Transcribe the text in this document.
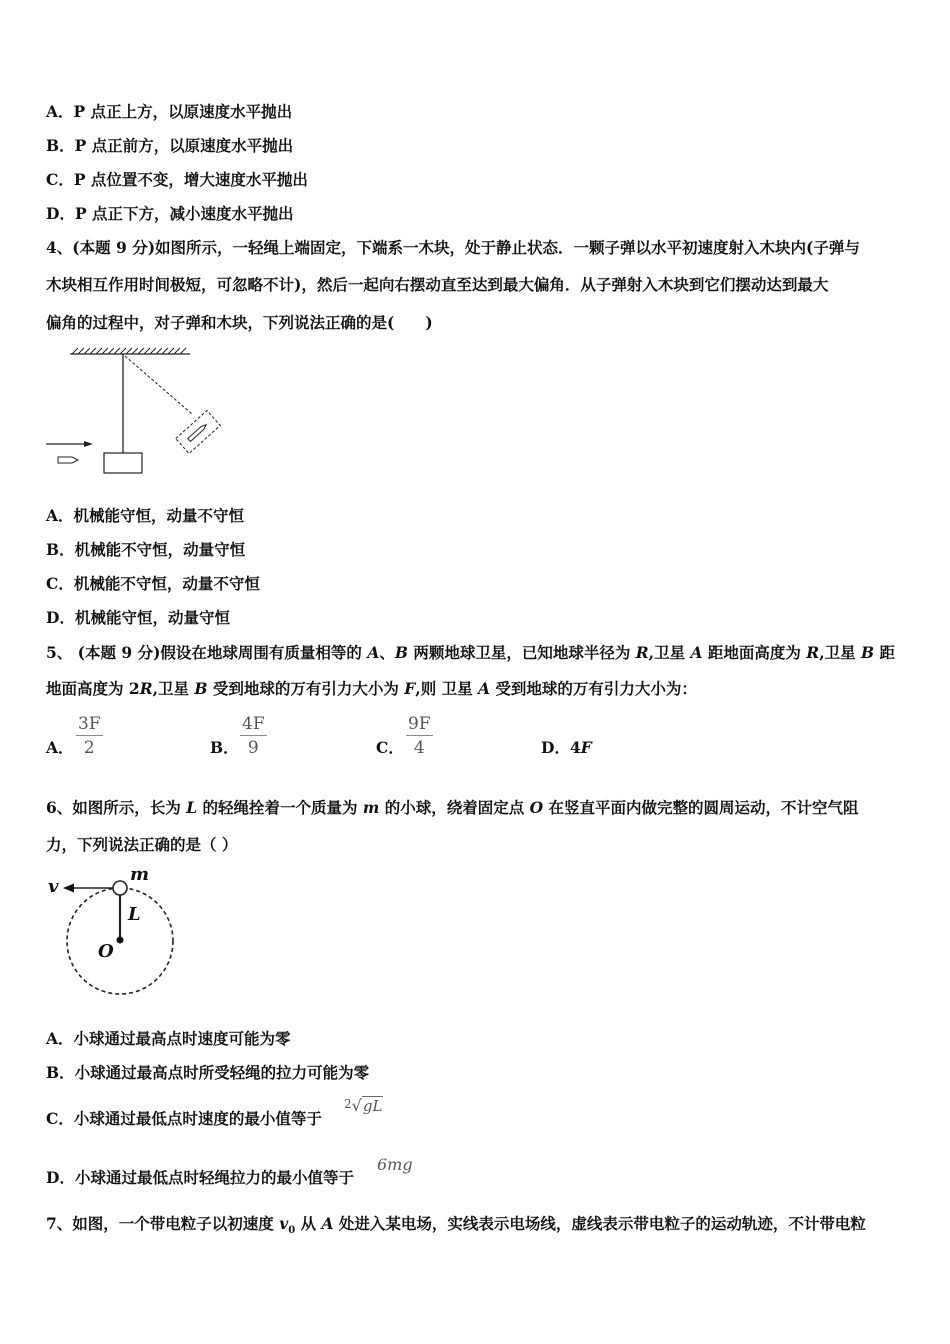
A．P 点正上方，以原速度水平抛出
B．P 点正前方，以原速度水平抛出
C．P 点位置不变，增大速度水平抛出
D．P 点正下方，减小速度水平抛出
4、(本题 9 分)如图所示，一轻绳上端固定，下端系一木块，处于静止状态．一颗子弹以水平初速度射入木块内(子弹与
木块相互作用时间极短，可忽略不计)，然后一起向右摆动直至达到最大偏角．从子弹射入木块到它们摆动达到最大
偏角的过程中，对子弹和木块，下列说法正确的是(　　)
A．机械能守恒，动量不守恒
B．机械能不守恒，动量守恒
C．机械能不守恒，动量不守恒
D．机械能守恒，动量守恒
5、 (本题 9 分)假设在地球周围有质量相等的 A、B 两颗地球卫星，已知地球半径为 R,卫星 A 距地面高度为 R,卫星 B 距
地面高度为 2R,卫星 B 受到地球的万有引力大小为 F,则 卫星 A 受到地球的万有引力大小为：
A． $\frac{3F}{2}$	B． $\frac{4F}{9}$	C． $\frac{9F}{4}$	D．4F
6、如图所示，长为 L 的轻绳拴着一个质量为 m 的小球，绕着固定点 O 在竖直平面内做完整的圆周运动，不计空气阻
力，下列说法正确的是（ ）
v
m
L
O
A．小球通过最高点时速度可能为零
B．小球通过最高点时所受轻绳的拉力可能为零
C．小球通过最低点时速度的最小值等于
$^2$√gL
D．小球通过最低点时轻绳拉力的最小值等于
6mg
7、如图，一个带电粒子以初速度 $v_0$ 从 A 处进入某电场，实线表示电场线，虚线表示带电粒子的运动轨迹，不计带电粒
